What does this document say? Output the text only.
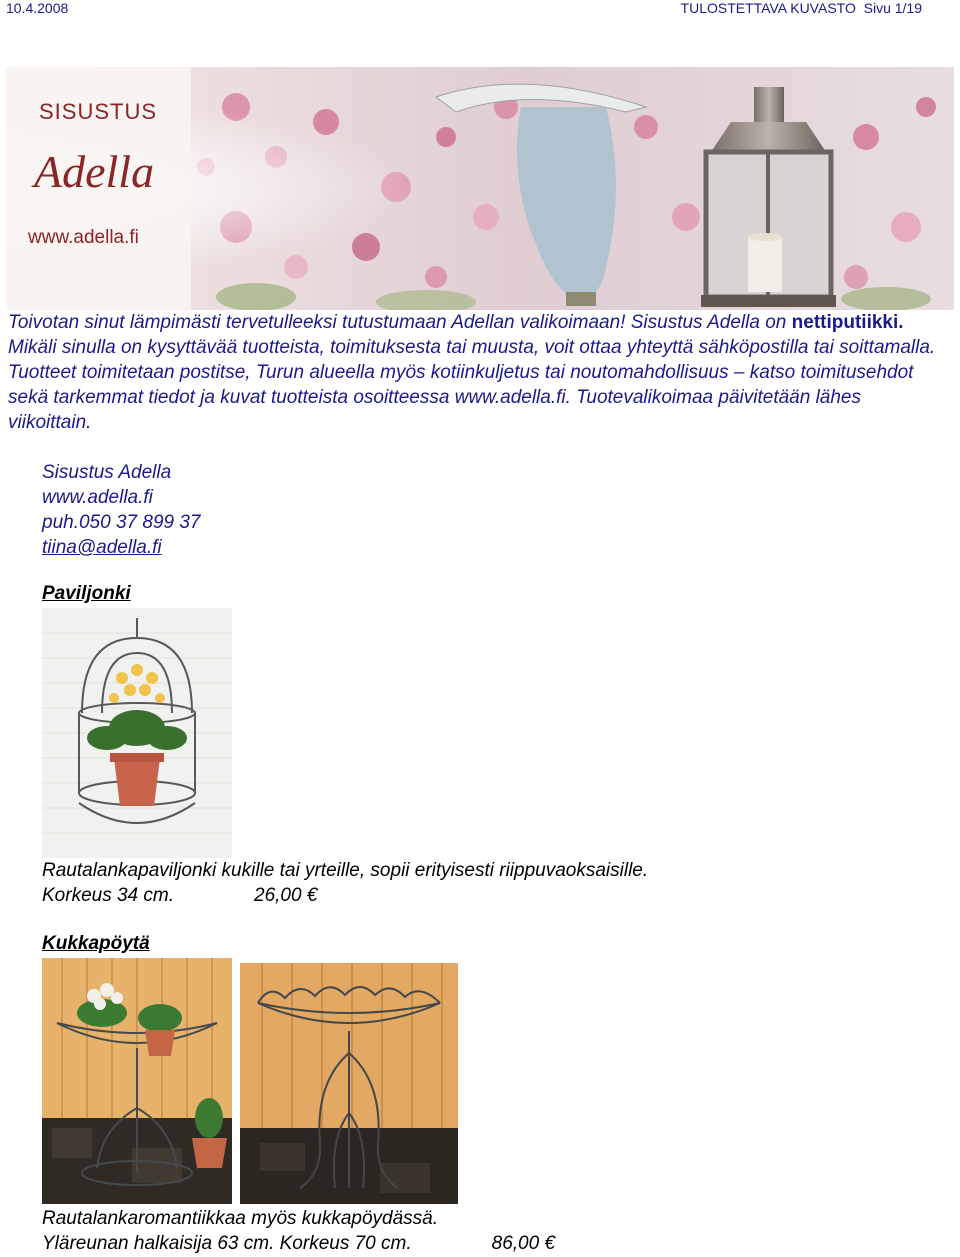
10.4.2008	TULOSTETTAVA KUVASTO Sivu 1/19
SISUSTUS
Adella
www.adella.fi

Toivotan sinut lämpimästi tervetulleeksi tutustumaan Adellan valikoimaan! Sisustus Adella on nettiputiikki. Mikäli sinulla on kysyttävää tuotteista, toimituksesta tai muusta, voit ottaa yhteyttä sähköpostilla tai soittamalla. Tuotteet toimitetaan postitse, Turun alueella myös kotiinkuljetus tai noutomahdollisuus – katso toimitusehdot sekä tarkemmat tiedot ja kuvat tuotteista osoitteessa www.adella.fi. Tuotevalikoimaa päivitetään lähes viikoittain.

Sisustus Adella
www.adella.fi
puh.050 37 899 37
tiina@adella.fi
Paviljonki

Rautalankapaviljonki kukille tai yrteille, sopii erityisesti riippuvaoksaisille.
Korkeus 34 cm.	26,00 €

Kukkapöytä

Rautalankaromantiikkaa myös kukkapöydässä.
Yläreunan halkaisija 63 cm. Korkeus 70 cm.	86,00 €
